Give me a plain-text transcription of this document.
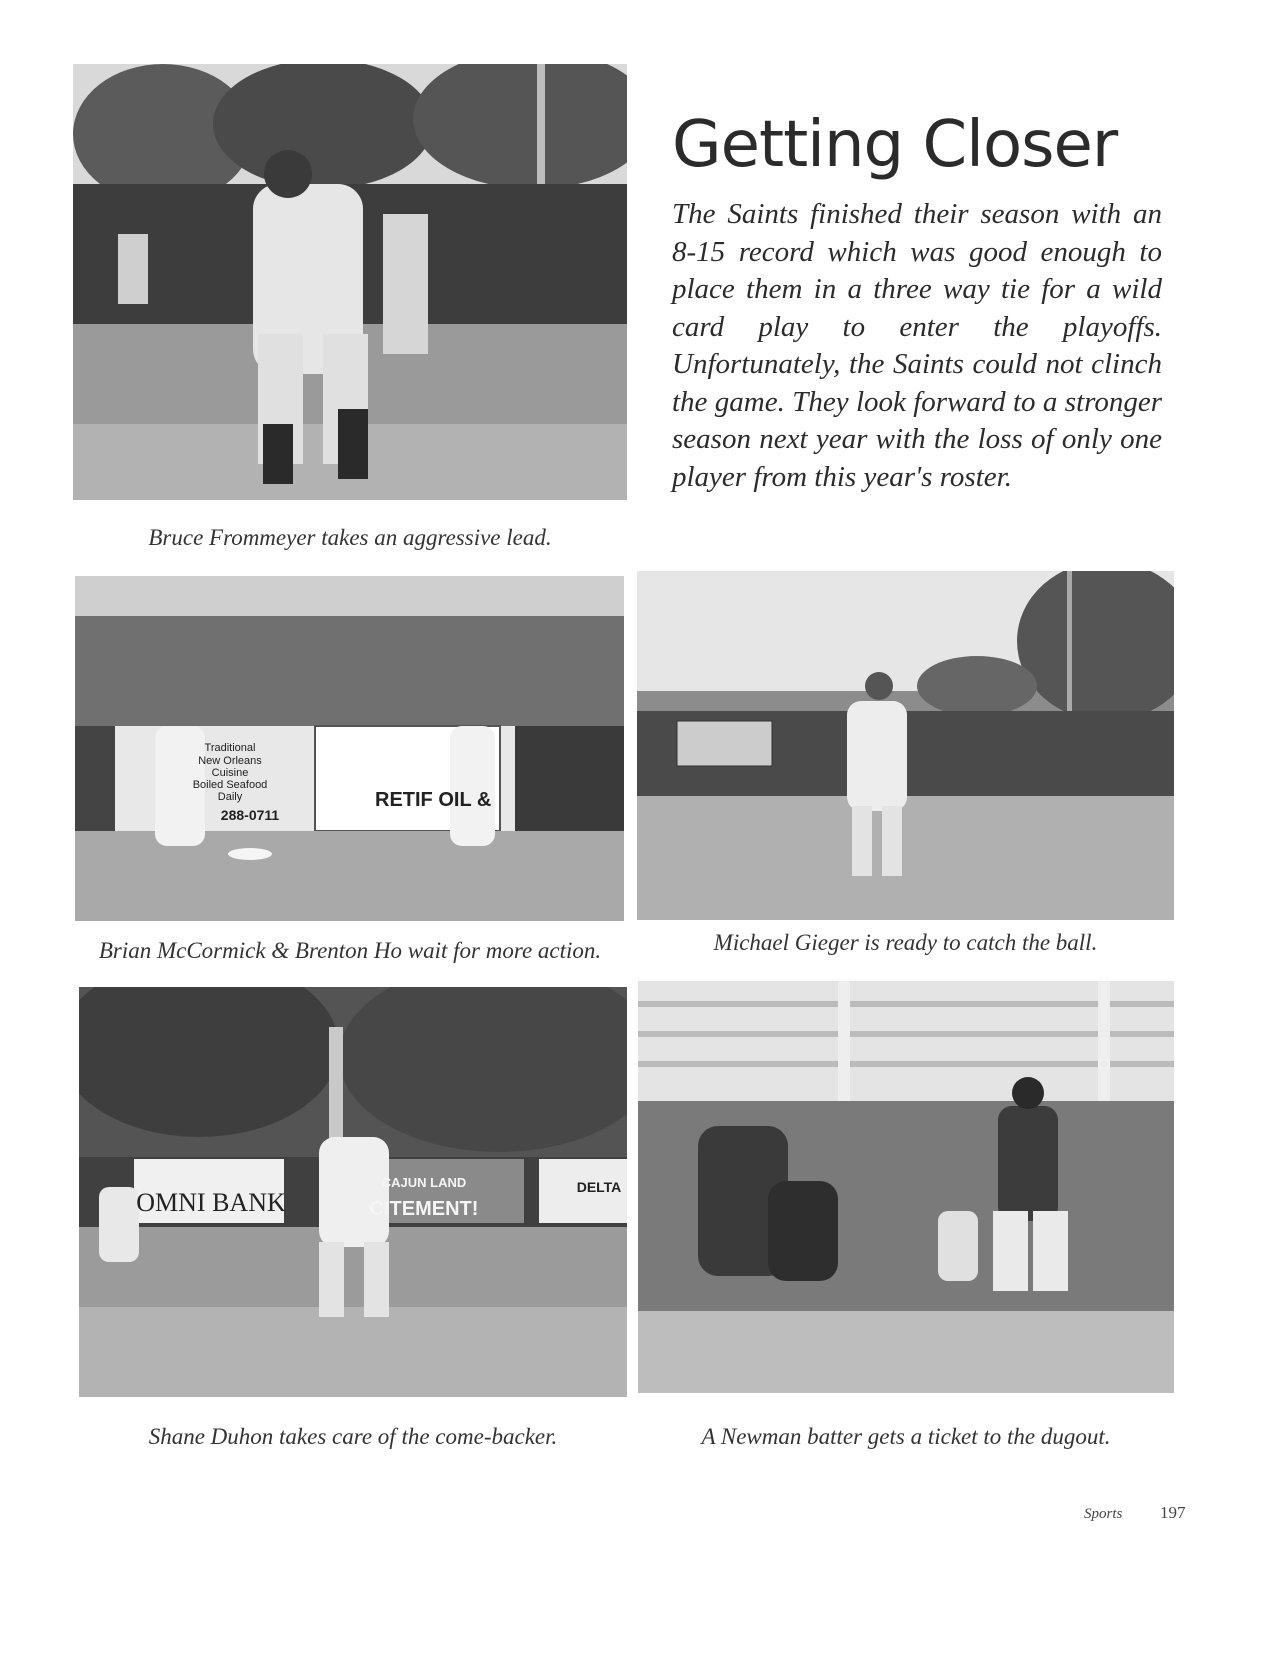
Bruce Frommeyer takes an aggressive lead.
Getting Closer
The Saints finished their season with an 8-15 record which was good enough to place them in a three way tie for a wild card play to enter the playoffs. Unfortunately, the Saints could not clinch the game. They look forward to a stronger season next year with the loss of only one player from this year's roster.
Traditional
New Orleans
Cuisine
Boiled Seafood
Daily
288-0711
RETIF OIL &
Brian McCormick & Brenton Ho wait for more action.	Michael Gieger is ready to catch the ball.
OMNI BANK
CAJUN LAND
CITEMENT!
DELTA
Shane Duhon takes care of the come-backer.	A Newman batter gets a ticket to the dugout.
Sports 197
